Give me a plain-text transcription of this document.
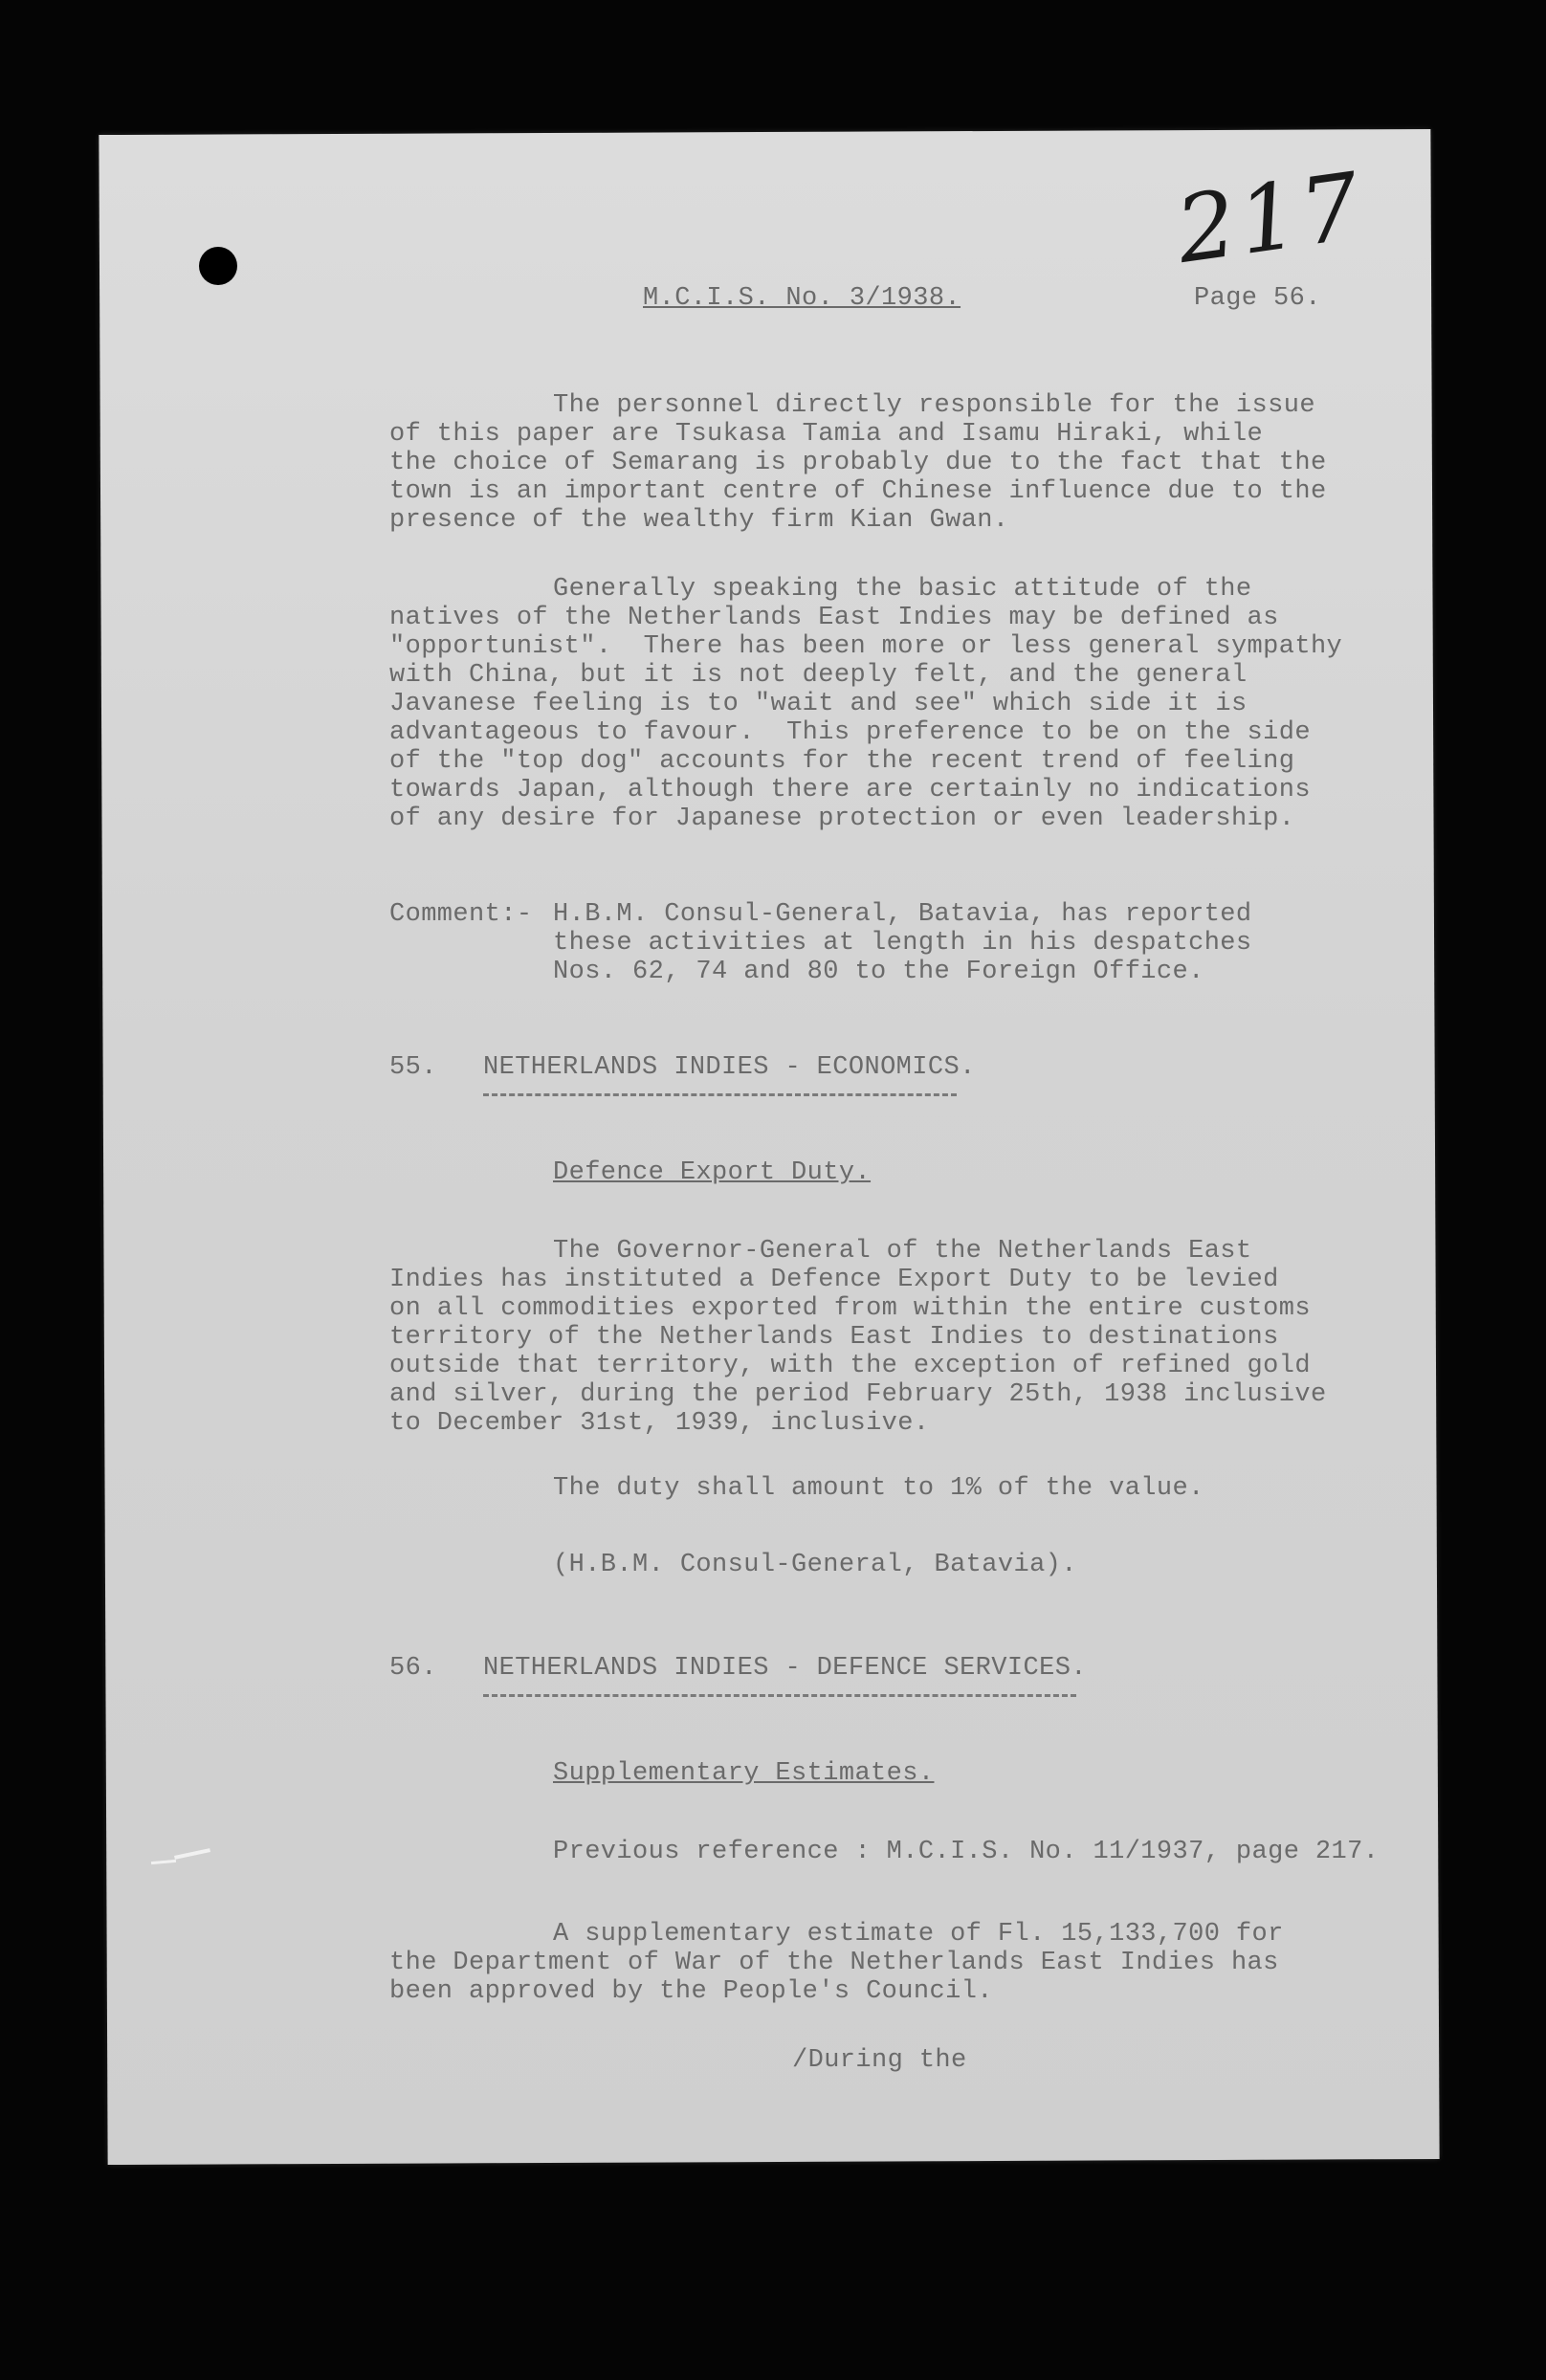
217
M.C.I.S. No. 3/1938.	Page 56.
The personnel directly responsible for the issue
of this paper are Tsukasa Tamia and Isamu Hiraki, while
the choice of Semarang is probably due to the fact that the
town is an important centre of Chinese influence due to the
presence of the wealthy firm Kian Gwan.
Generally speaking the basic attitude of the
natives of the Netherlands East Indies may be defined as
"opportunist".  There has been more or less general sympathy
with China, but it is not deeply felt, and the general
Javanese feeling is to "wait and see" which side it is
advantageous to favour.  This preference to be on the side
of the "top dog" accounts for the recent trend of feeling
towards Japan, although there are certainly no indications
of any desire for Japanese protection or even leadership.
Comment:- H.B.M. Consul-General, Batavia, has reported
these activities at length in his despatches
Nos. 62, 74 and 80 to the Foreign Office.
55. NETHERLANDS INDIES - ECONOMICS.
Defence Export Duty.
The Governor-General of the Netherlands East
Indies has instituted a Defence Export Duty to be levied
on all commodities exported from within the entire customs
territory of the Netherlands East Indies to destinations
outside that territory, with the exception of refined gold
and silver, during the period February 25th, 1938 inclusive
to December 31st, 1939, inclusive.
The duty shall amount to 1% of the value.
(H.B.M. Consul-General, Batavia).
56. NETHERLANDS INDIES - DEFENCE SERVICES.
Supplementary Estimates.
Previous reference : M.C.I.S. No. 11/1937, page 217.
A supplementary estimate of Fl. 15,133,700 for
the Department of War of the Netherlands East Indies has
been approved by the People's Council.
/During the
